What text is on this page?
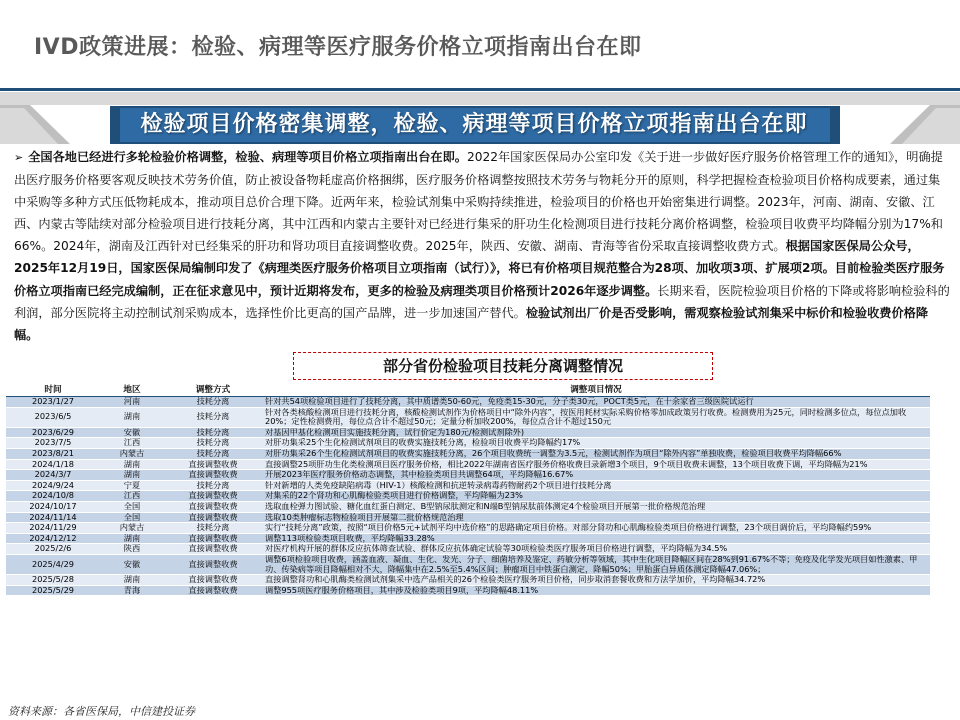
IVD政策进展：检验、病理等医疗服务价格立项指南出台在即
检验项目价格密集调整，检验、病理等项目价格立项指南出台在即
➢ 全国各地已经进行多轮检验价格调整，检验、病理等项目价格立项指南出台在即。2022年国家医保局办公室印发《关于进一步做好医疗服务价格管理工作的通知》，明确提出医疗服务价格要客观反映技术劳务价值，防止被设备物耗虚高价格捆绑，医疗服务价格调整按照技术劳务与物耗分开的原则，科学把握检查检验项目价格构成要素，通过集中采购等多种方式压低物耗成本，推动项目总价合理下降。近两年来，检验试剂集中采购持续推进，检验项目的价格也开始密集进行调整。2023年，河南、湖南、安徽、江西、内蒙古等陆续对部分检验项目进行技耗分离，其中江西和内蒙古主要针对已经进行集采的肝功生化检测项目进行技耗分离价格调整，检验项目收费平均降幅分别为17%和66%。2024年，湖南及江西针对已经集采的肝功和肾功项目直接调整收费。2025年，陕西、安徽、湖南、青海等省份采取直接调整收费方式。根据国家医保局公众号，2025年12月19日，国家医保局编制印发了《病理类医疗服务价格项目立项指南（试行）》，将已有价格项目规范整合为28项、加收项3项、扩展项2项。目前检验类医疗服务价格立项指南已经完成编制，正在征求意见中，预计近期将发布，更多的检验及病理类项目价格预计2026年逐步调整。长期来看，医院检验项目价格的下降或将影响检验科的利润，部分医院将主动控制试剂采购成本，选择性价比更高的国产品牌，进一步加速国产替代。检验试剂出厂价是否受影响，需观察检验试剂集采中标价和检验收费价格降幅。
部分省份检验项目技耗分离调整情况
时间	地区	调整方式	调整项目情况
2023/1/27	河南	技耗分离	针对共54项检验项目进行了技耗分离，其中质谱类50-60元，免疫类15-30元，分子类30元，POCT类5元，在十余家省三级医院试运行
2023/6/5	湖南	技耗分离	针对各类核酸检测项目进行技耗分离，核酸检测试剂作为价格项目中“除外内容”，按医用耗材实际采购价格零加成政策另行收费。检测费用为25元，同时检测多位点，每位点加收20%；定性检测费用，每位点合计不超过50元；定量分析加收200%，每位点合计不超过150元
2023/6/29	安徽	技耗分离	对基因甲基化检测项目实施技耗分离，试行价定为180元/检测试剂除外)
2023/7/5	江西	技耗分离	对肝功集采25个生化检测试剂项目的收费实施技耗分离，检验项目收费平均降幅约17%
2023/8/21	内蒙古	技耗分离	对肝功集采26个生化检测试剂项目的收费实施技耗分离，26个项目收费统一调整为3.5元，检测试剂作为项目“除外内容”单独收费，检验项目收费平均降幅66%
2024/1/18	湖南	直接调整收费	直接调整25项肝功生化类检测项目医疗服务价格，相比2022年湖南省医疗服务价格收费目录新增3个项目，9个项目收费未调整，13个项目收费下调，平均降幅为21%
2024/3/7	湖南	直接调整收费	开展2023年医疗服务价格动态调整，其中检验类项目共调整64项，平均降幅16.67%
2024/9/24	宁夏	技耗分离	针对新增的人类免疫缺陷病毒（HIV-1）核酸检测和抗逆转录病毒药物耐药2个项目进行技耗分离
2024/10/8	江西	直接调整收费	对集采的22个肾功和心肌酶检验类项目进行价格调整，平均降幅为23%
2024/10/17	全国	直接调整收费	选取血栓弹力图试验、糖化血红蛋白测定、B型钠尿肽测定和N端B型钠尿肽前体测定4个检验项目开展第一批价格规范治理
2024/11/14	全国	直接调整收费	选取10类肿瘤标志物检验项目开展第二批价格规范治理
2024/11/29	内蒙古	技耗分离	实行“技耗分离”政策，按照“项目价格5元+试剂平均中选价格”的思路确定项目价格。对部分肾功和心肌酶检验类项目价格进行调整，23个项目调价后，平均降幅约59%
2024/12/12	湖南	直接调整收费	调整113项检验类项目收费，平均降幅33.28%
2025/2/6	陕西	直接调整收费	对医疗机构开展的群体反应抗体筛查试验、群体反应抗体确定试验等30项检验类医疗服务项目价格进行调整，平均降幅为34.5%
2025/4/29	安徽	直接调整收费	调整6项检验项目收费，涵盖血液、凝血、生化、发光、分子、细菌培养及鉴定、药敏分析等领域，其中生化项目降幅区间在28%到91.67%不等；免疫及化学发光项目如性激素、甲功、传染病等项目降幅相对不大，降幅集中在2.5%至5.4%区间；肿瘤项目中铁蛋白测定，降幅50%；甲胎蛋白异质体测定降幅47.06%；
2025/5/28	湖南	直接调整收费	直接调整肾功和心肌酶类检测试剂集采中选产品相关的26个检验类医疗服务项目价格，同步取消套餐收费和方法学加价，平均降幅34.72%
2025/5/29	青海	直接调整收费	调整955项医疗服务价格项目，其中涉及检验类项目9项，平均降幅48.11%
资料来源：各省医保局，中信建投证券
